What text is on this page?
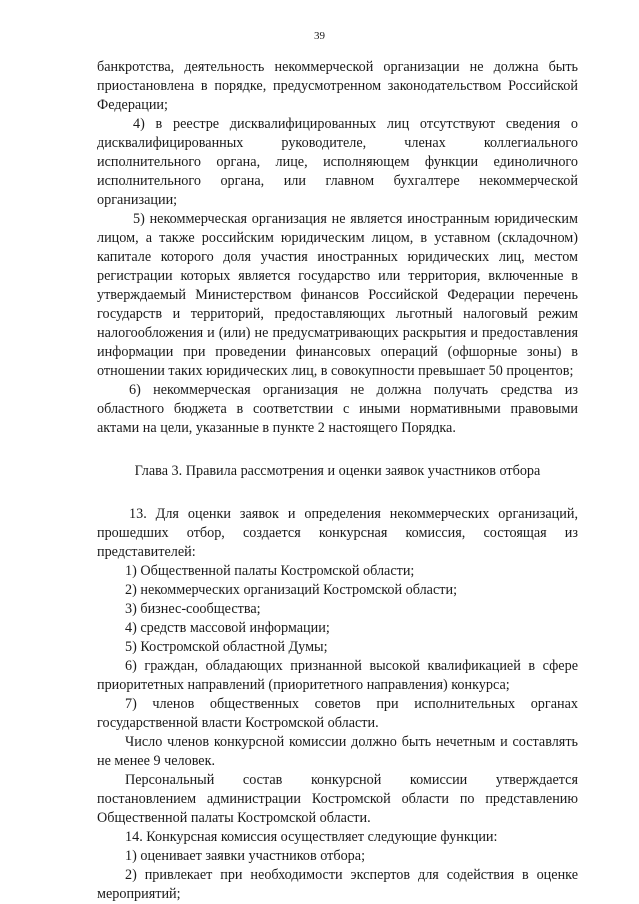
39

банкротства, деятельность некоммерческой организации не должна быть приостановлена в порядке, предусмотренном законодательством Российской Федерации;

4) в реестре дисквалифицированных лиц отсутствуют сведения о дисквалифицированных руководителе, членах коллегиального исполнительного органа, лице, исполняющем функции единоличного исполнительного органа, или главном бухгалтере некоммерческой организации;

5) некоммерческая организация не является иностранным юридическим лицом, а также российским юридическим лицом, в уставном (складочном) капитале которого доля участия иностранных юридических лиц, местом регистрации которых является государство или территория, включенные в утверждаемый Министерством финансов Российской Федерации перечень государств и территорий, предоставляющих льготный налоговый режим налогообложения и (или) не предусматривающих раскрытия и предоставления информации при проведении финансовых операций (офшорные зоны) в отношении таких юридических лиц, в совокупности превышает 50 процентов;

6) некоммерческая организация не должна получать средства из областного бюджета в соответствии с иными нормативными правовыми актами на цели, указанные в пункте 2 настоящего Порядка.

Глава 3. Правила рассмотрения и оценки заявок участников отбора

13. Для оценки заявок и определения некоммерческих организаций, прошедших отбор, создается конкурсная комиссия, состоящая из представителей:

1) Общественной палаты Костромской области;

2) некоммерческих организаций Костромской области;

3) бизнес-сообщества;

4) средств массовой информации;

5) Костромской областной Думы;

6) граждан, обладающих признанной высокой квалификацией в сфере приоритетных направлений (приоритетного направления) конкурса;

7) членов общественных советов при исполнительных органах государственной власти Костромской области.

Число членов конкурсной комиссии должно быть нечетным и составлять не менее 9 человек.

Персональный состав конкурсной комиссии утверждается постановлением администрации Костромской области по представлению Общественной палаты Костромской области.

14. Конкурсная комиссия осуществляет следующие функции:

1) оценивает заявки участников отбора;

2) привлекает при необходимости экспертов для содействия в оценке мероприятий;
